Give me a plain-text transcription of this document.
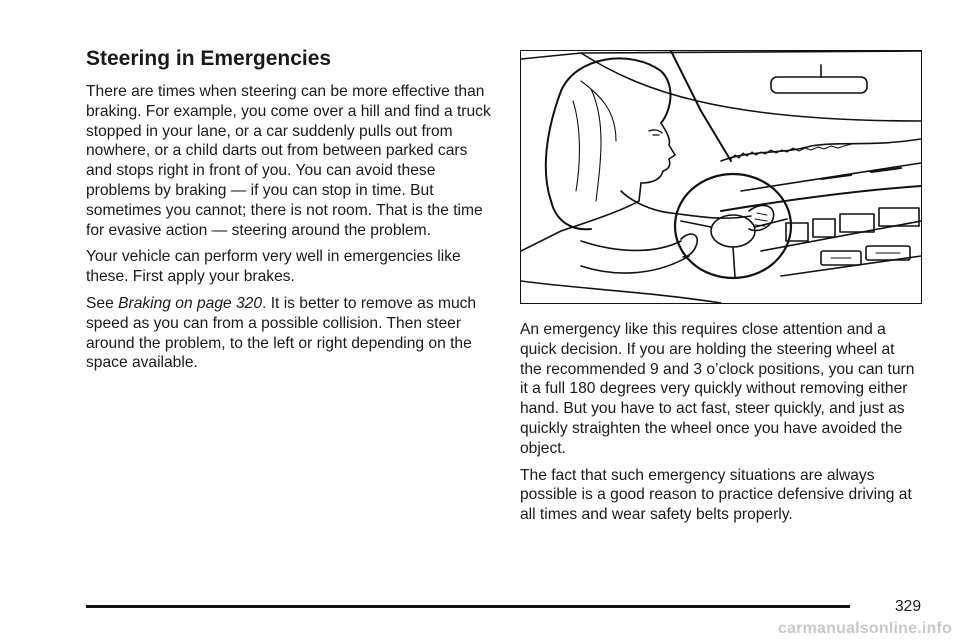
Steering in Emergencies

There are times when steering can be more effective than braking. For example, you come over a hill and find a truck stopped in your lane, or a car suddenly pulls out from nowhere, or a child darts out from between parked cars and stops right in front of you. You can avoid these problems by braking — if you can stop in time. But sometimes you cannot; there is not room. That is the time for evasive action — steering around the problem.

Your vehicle can perform very well in emergencies like these. First apply your brakes.

See Braking on page 320. It is better to remove as much speed as you can from a possible collision. Then steer around the problem, to the left or right depending on the space available.

An emergency like this requires close attention and a quick decision. If you are holding the steering wheel at the recommended 9 and 3 o’clock positions, you can turn it a full 180 degrees very quickly without removing either hand. But you have to act fast, steer quickly, and just as quickly straighten the wheel once you have avoided the object.

The fact that such emergency situations are always possible is a good reason to practice defensive driving at all times and wear safety belts properly.

329
carmanualsonline.info
